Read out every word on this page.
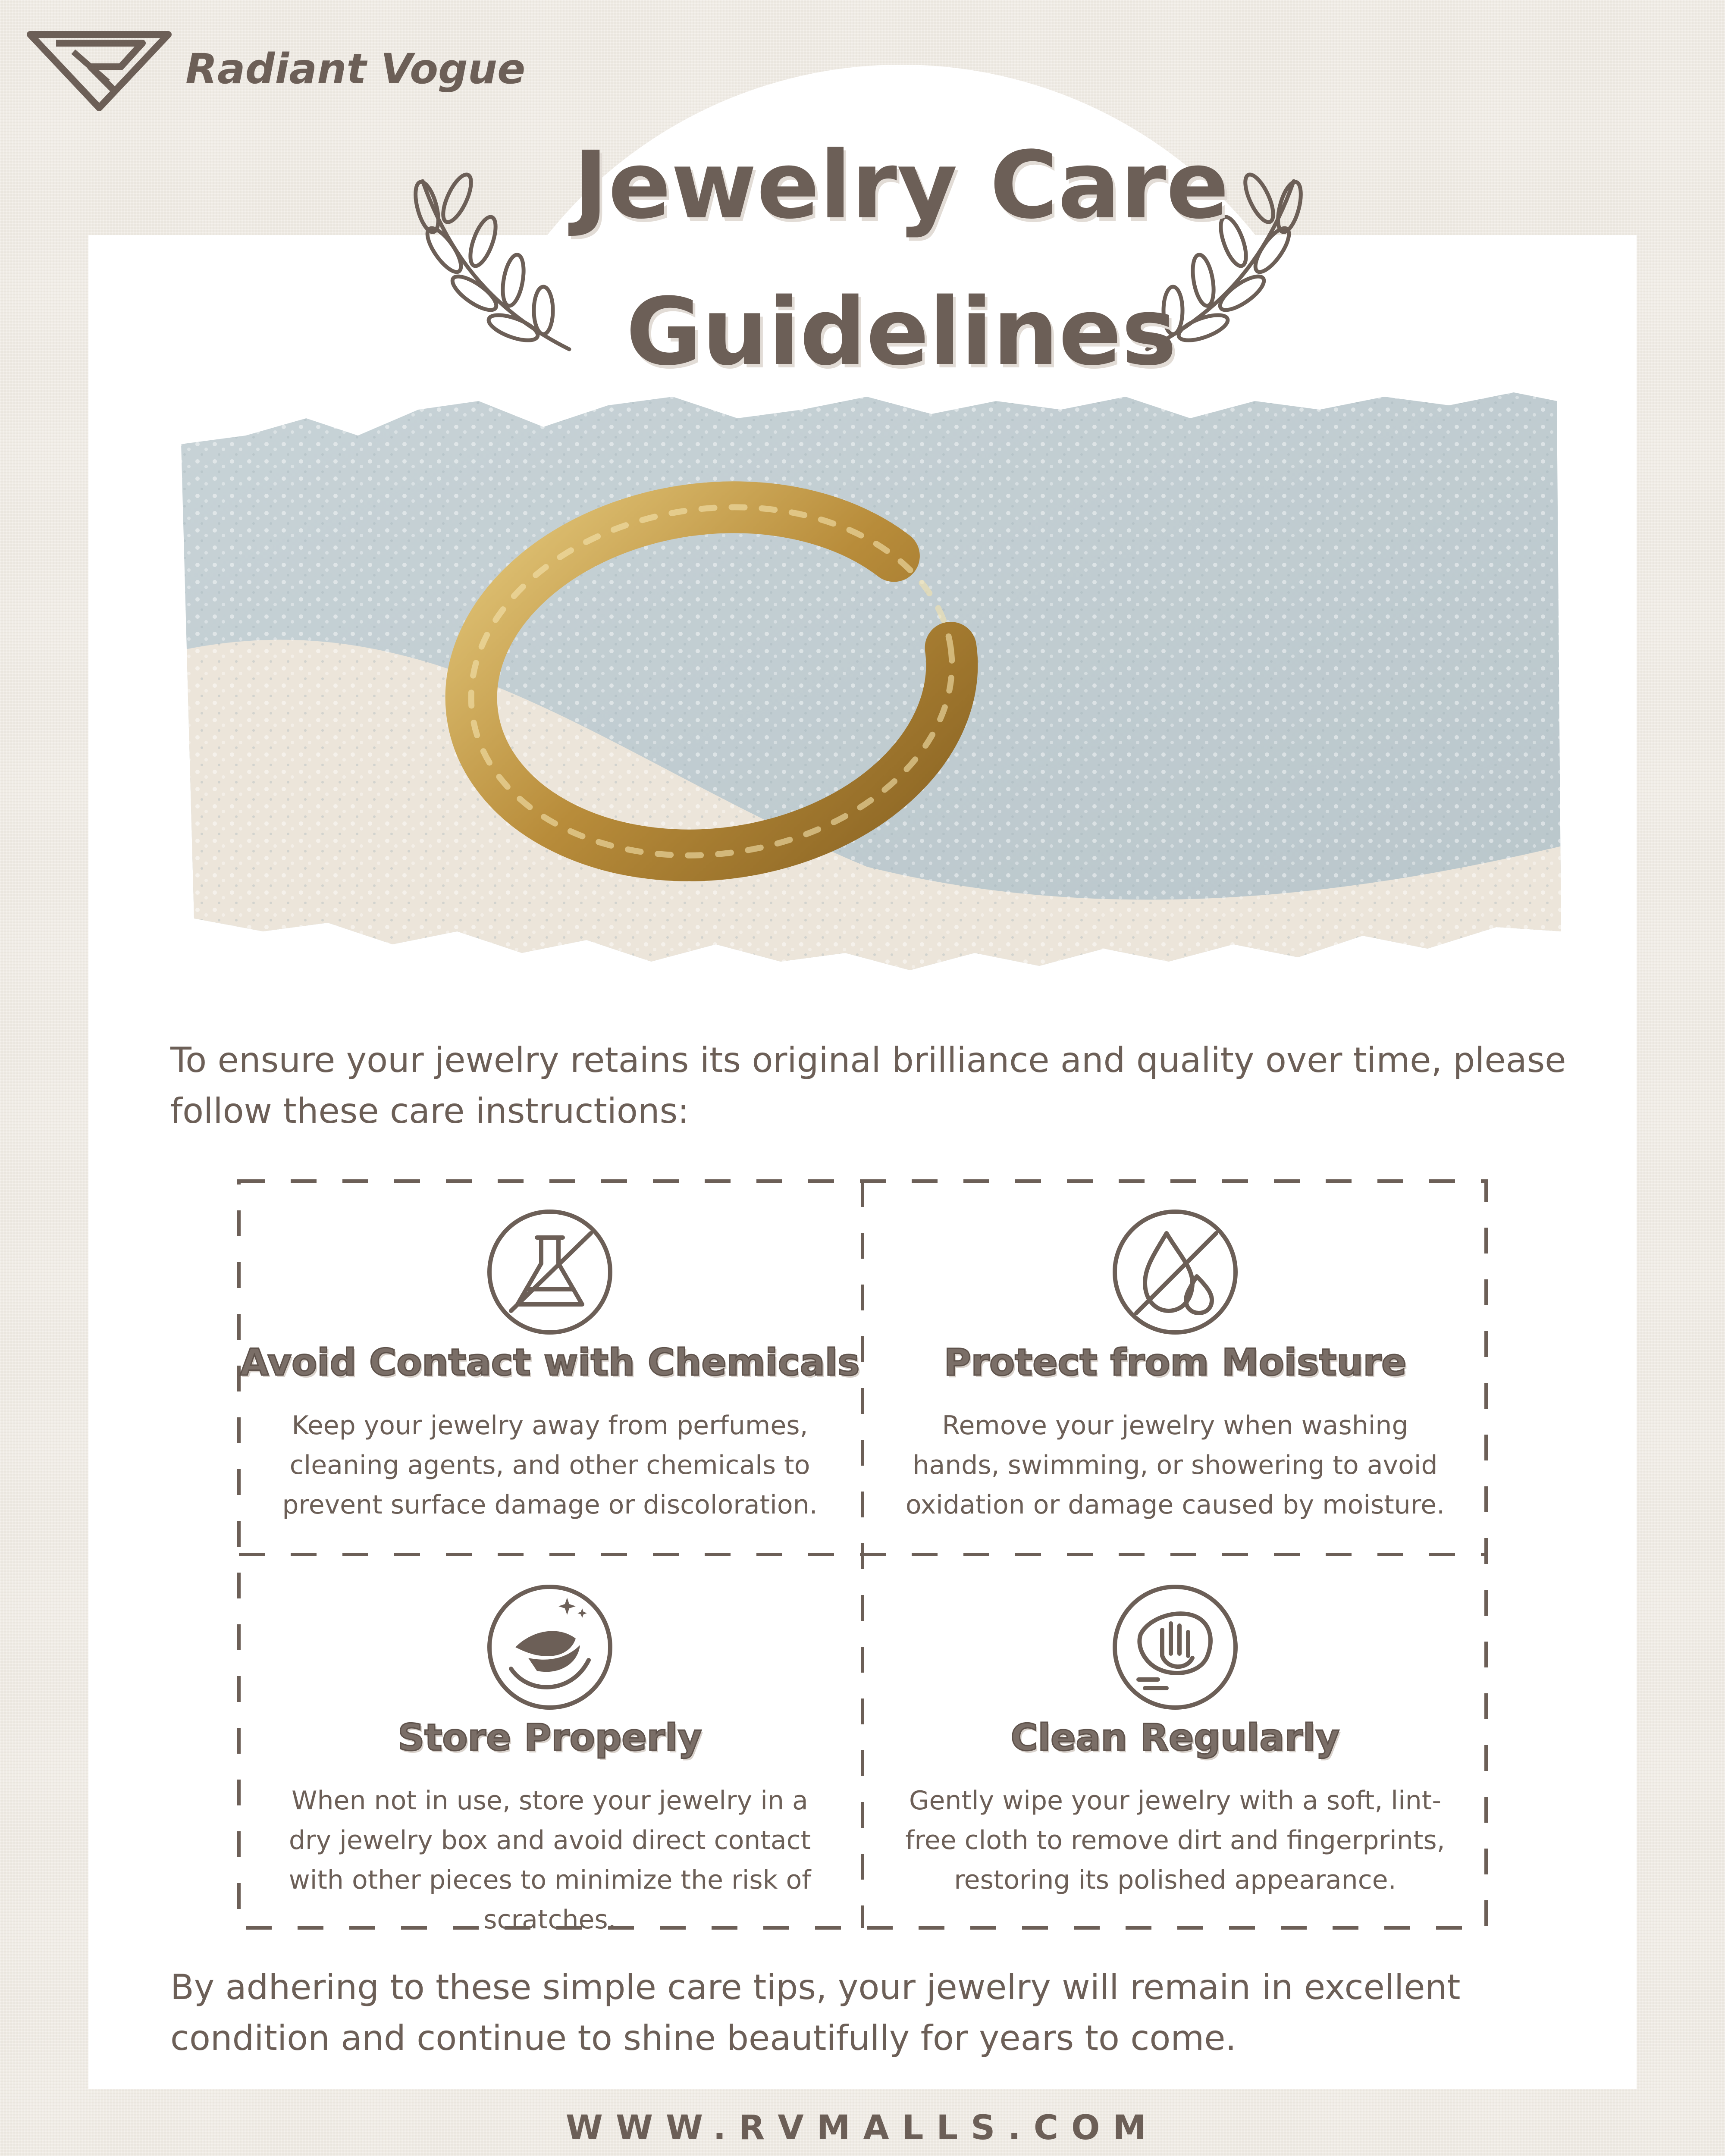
Radiant Vogue
Jewelry Care Guidelines
To ensure your jewelry retains its original brilliance and quality over time, please follow these care instructions:
Avoid Contact with Chemicals
Keep your jewelry away from perfumes, cleaning agents, and other chemicals to prevent surface damage or discoloration.
Protect from Moisture
Remove your jewelry when washing hands, swimming, or showering to avoid oxidation or damage caused by moisture.
Store Properly
When not in use, store your jewelry in a dry jewelry box and avoid direct contact with other pieces to minimize the risk of scratches.
Clean Regularly
Gently wipe your jewelry with a soft, lint-free cloth to remove dirt and fingerprints, restoring its polished appearance.
By adhering to these simple care tips, your jewelry will remain in excellent condition and continue to shine beautifully for years to come.
WWW.RVMALLS.COM
